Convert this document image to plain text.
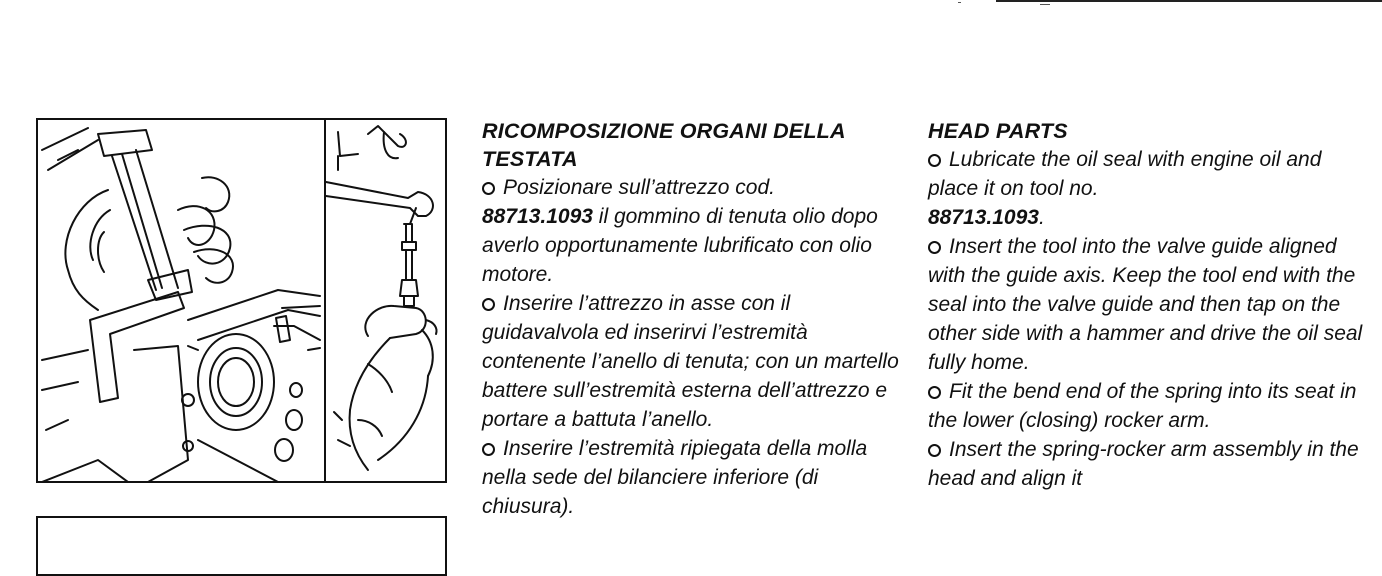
RICOMPOSIZIONE ORGANI DELLA TESTATA

Posizionare sull’attrezzo cod.
88713.1093 il gommino di tenuta olio dopo averlo opportunamente lubrificato con olio motore.

Inserire l’attrezzo in asse con il guidavalvola ed inserirvi l’estremità contenente l’anello di tenuta; con un martello battere sull’estremità esterna dell’attrezzo e portare a battuta l’anello.

Inserire l’estremità ripiegata della molla nella sede del bilanciere inferiore (di chiusura).

HEAD PARTS

Lubricate the oil seal with engine oil and place it on tool no.
88713.1093.

Insert the tool into the valve guide aligned with the guide axis. Keep the tool end with the seal into the valve guide and then tap on the other side with a hammer and drive the oil seal fully home.

Fit the bend end of the spring into its seat in the lower (closing) rocker arm.

Insert the spring-rocker arm assembly in the head and align it
